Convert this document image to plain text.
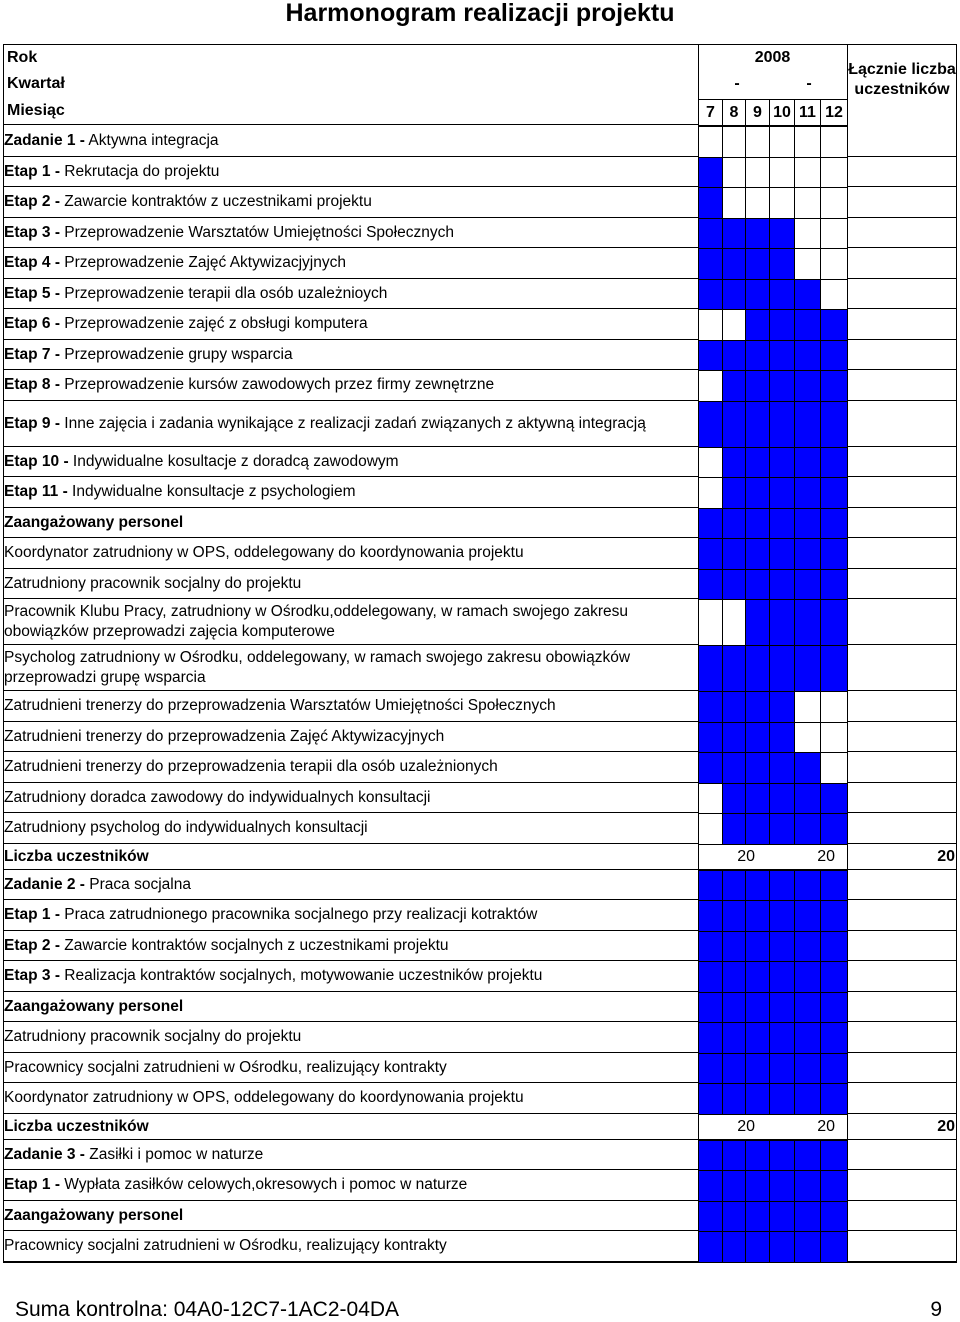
Harmonogram realizacji projektu
Rok
Kwartał
Miesiąc
2008
-	-
7 8 9 10 11 12
Łącznie liczba uczestników
Zadanie 1 - Aktywna integracja
Etap 1 - Rekrutacja do projektu
Etap 2 - Zawarcie kontraktów z uczestnikami projektu
Etap 3 - Przeprowadzenie Warsztatów Umiejętności Społecznych
Etap 4 - Przeprowadzenie Zajęć Aktywizacjyjnych
Etap 5 - Przeprowadzenie terapii dla osób uzależnioych
Etap 6 - Przeprowadzenie zajęć z obsługi komputera
Etap 7 - Przeprowadzenie grupy wsparcia
Etap 8 - Przeprowadzenie kursów zawodowych przez firmy zewnętrzne
Etap 9 - Inne zajęcia i zadania wynikające z realizacji zadań związanych z aktywną integracją
Etap 10 - Indywidualne kosultacje z doradcą zawodowym
Etap 11 - Indywidualne konsultacje z psychologiem
Zaangażowany personel
Koordynator zatrudniony w OPS, oddelegowany do koordynowania projektu
Zatrudniony pracownik socjalny do projektu
Pracownik Klubu Pracy, zatrudniony w Ośrodku,oddelegowany, w ramach swojego zakresu obowiązków przeprowadzi zajęcia komputerowe
Psycholog zatrudniony w Ośrodku, oddelegowany, w ramach swojego zakresu obowiązków przeprowadzi grupę wsparcia
Zatrudnieni trenerzy do przeprowadzenia Warsztatów Umiejętności Społecznych
Zatrudnieni trenerzy do przeprowadzenia Zajęć Aktywizacyjnych
Zatrudnieni trenerzy do przeprowadzenia terapii dla osób uzależnionych
Zatrudniony doradca zawodowy do indywidualnych konsultacji
Zatrudniony psycholog do indywidualnych konsultacji
Liczba uczestników	20	20	20
Zadanie 2 - Praca socjalna
Etap 1 - Praca zatrudnionego pracownika socjalnego przy realizacji kotraktów
Etap 2 - Zawarcie kontraktów socjalnych z uczestnikami projektu
Etap 3 - Realizacja kontraktów socjalnych, motywowanie uczestników projektu
Zaangażowany personel
Zatrudniony pracownik socjalny do projektu
Pracownicy socjalni zatrudnieni w Ośrodku, realizujący kontrakty
Koordynator zatrudniony w OPS, oddelegowany do koordynowania projektu
Liczba uczestników	20	20	20
Zadanie 3 - Zasiłki i pomoc w naturze
Etap 1 - Wypłata zasiłków celowych,okresowych i pomoc w naturze
Zaangażowany personel
Pracownicy socjalni zatrudnieni w Ośrodku, realizujący kontrakty
Suma kontrolna: 04A0-12C7-1AC2-04DA	9
